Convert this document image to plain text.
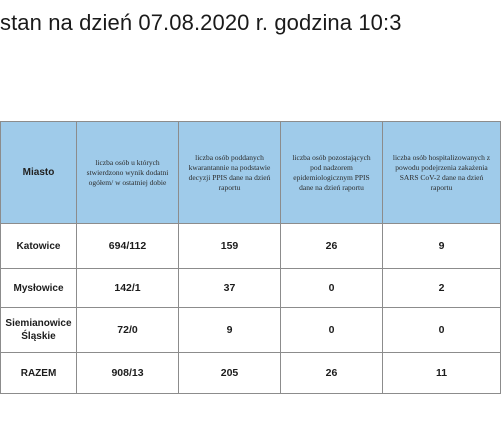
stan na dzień 07.08.2020 r. godzina 10:3
Miasto	liczba osób u których stwierdzono wynik dodatni ogółem/ w ostatniej dobie	liczba osób poddanych kwarantannie na podstawie decyzji PPIS dane na dzień raportu	liczba osób pozostających pod nadzorem epidemiologicznym PPIS dane na dzień raportu	liczba osób hospitalizowanych z powodu podejrzenia zakażenia SARS CoV-2 dane na dzień raportu
Katowice	694/112	159	26	9
Mysłowice	142/1	37	0	2
Siemianowice Śląskie	72/0	9	0	0
RAZEM	908/13	205	26	11
